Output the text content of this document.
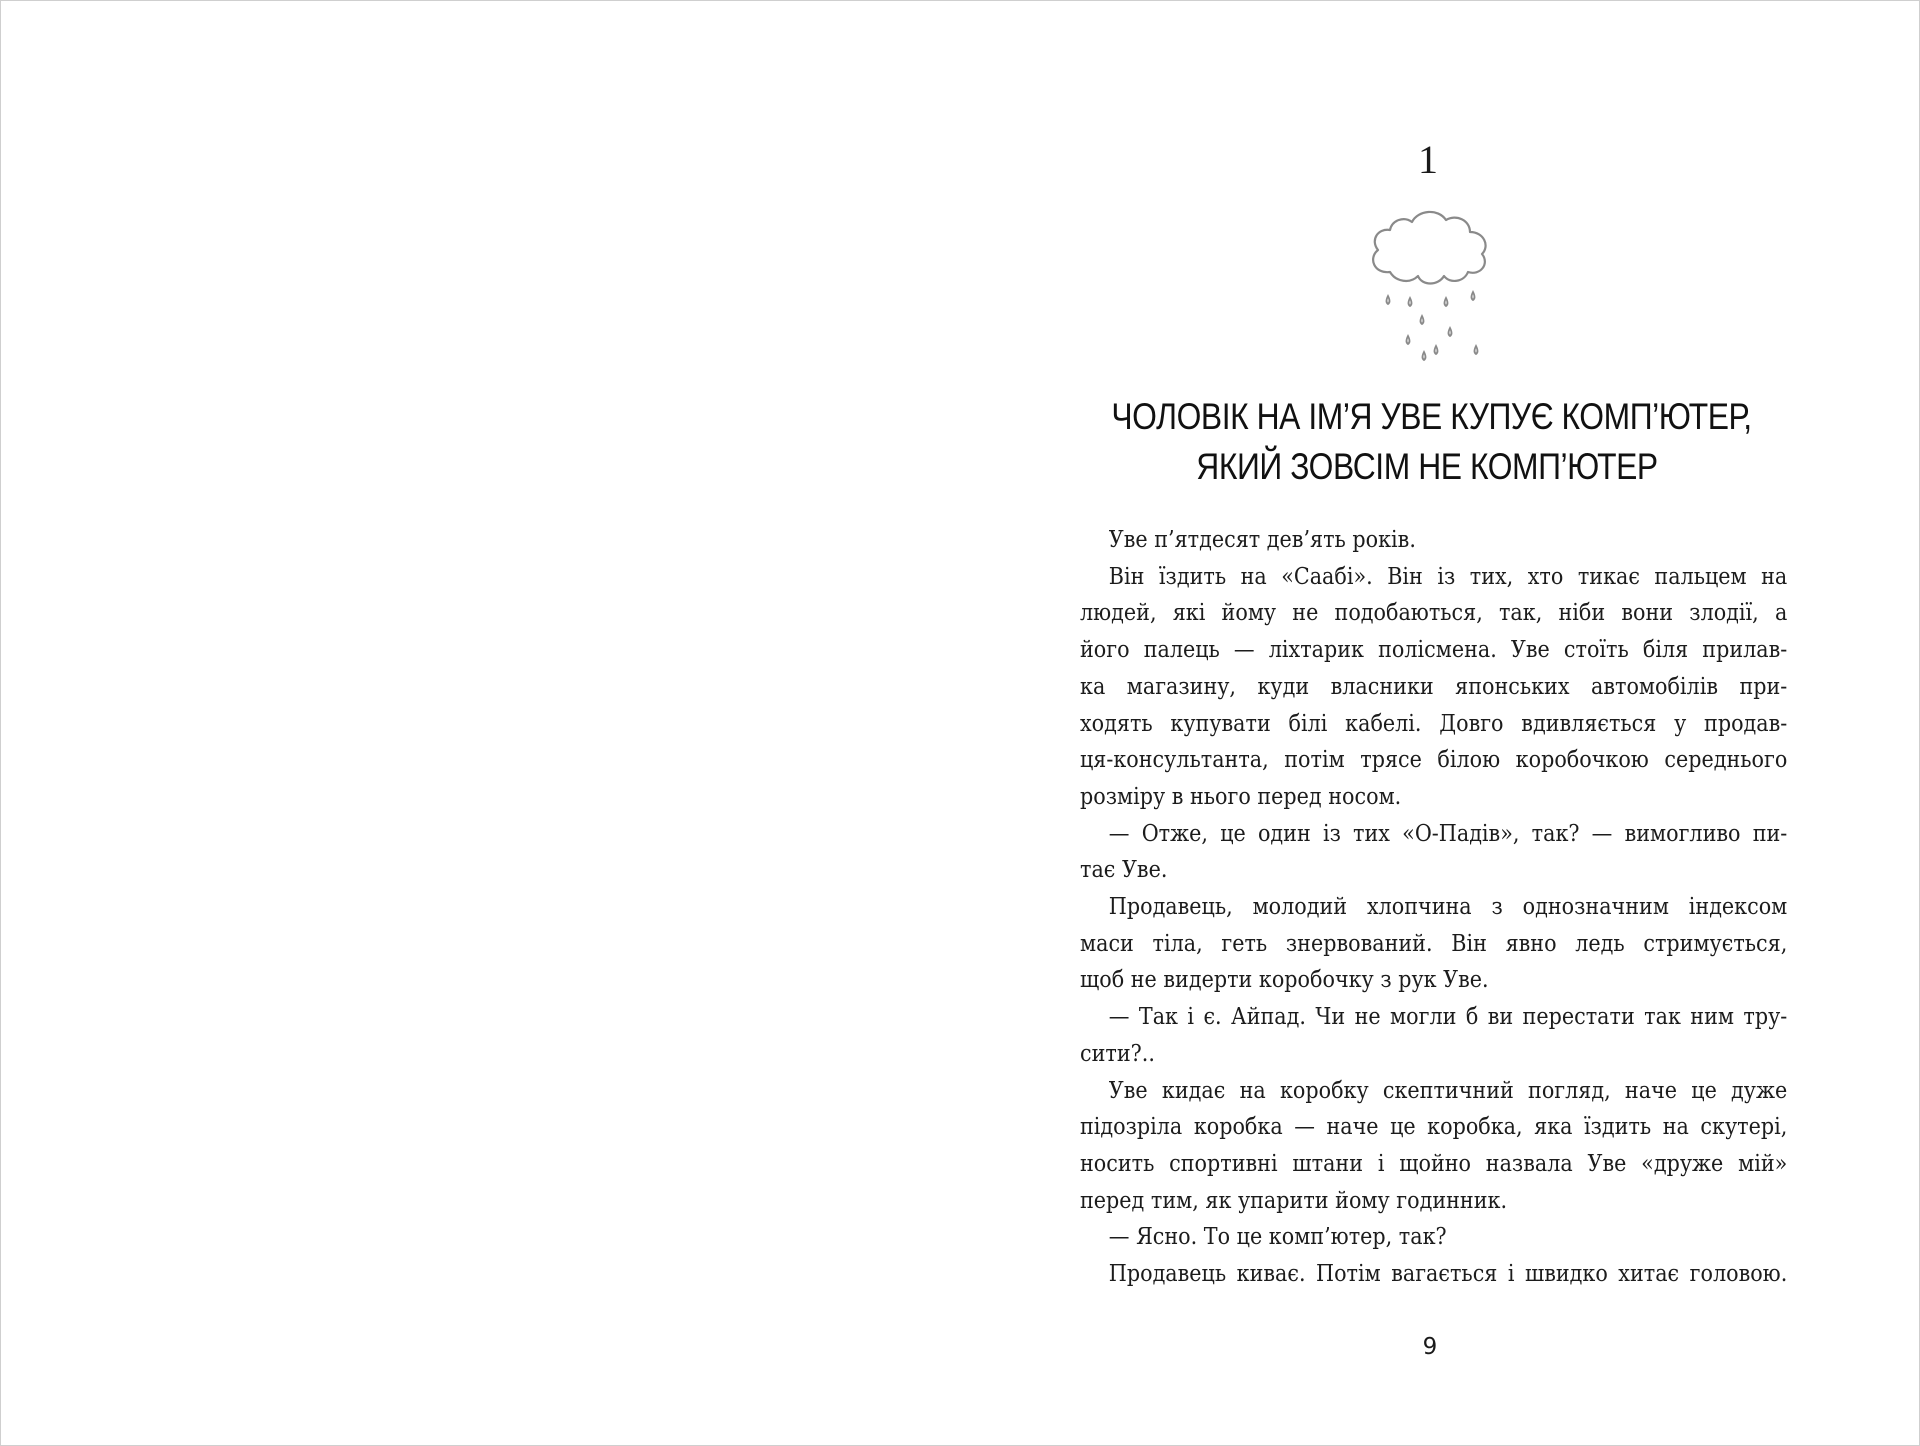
1
ЧОЛОВІК НА ІМ’Я УВЕ КУПУЄ КОМП’ЮТЕР,
ЯКИЙ ЗОВСІМ НЕ КОМП’ЮТЕР
Уве п’ятдесят дев’ять років.
Він їздить на «Саабі». Він із тих, хто тикає пальцем на
людей, які йому не подобаються, так, ніби вони злодії, а
його палець — ліхтарик полісмена. Уве стоїть біля прилав-
ка магазину, куди власники японських автомобілів при-
ходять купувати білі кабелі. Довго вдивляється у продав-
ця-консультанта, потім трясе білою коробочкою середнього
розміру в нього перед носом.
— Отже, це один із тих «О-Падів», так? — вимогливо пи-
тає Уве.
Продавець, молодий хлопчина з однозначним індексом
маси тіла, геть знервований. Він явно ледь стримується,
щоб не видерти коробочку з рук Уве.
— Так і є. Айпад. Чи не могли б ви перестати так ним тру-
сити?..
Уве кидає на коробку скептичний погляд, наче це дуже
підозріла коробка — наче це коробка, яка їздить на скутері,
носить спортивні штани і щойно назвала Уве «друже мій»
перед тим, як упарити йому годинник.
— Ясно. То це комп’ютер, так?
Продавець киває. Потім вагається і швидко хитає головою.
9
